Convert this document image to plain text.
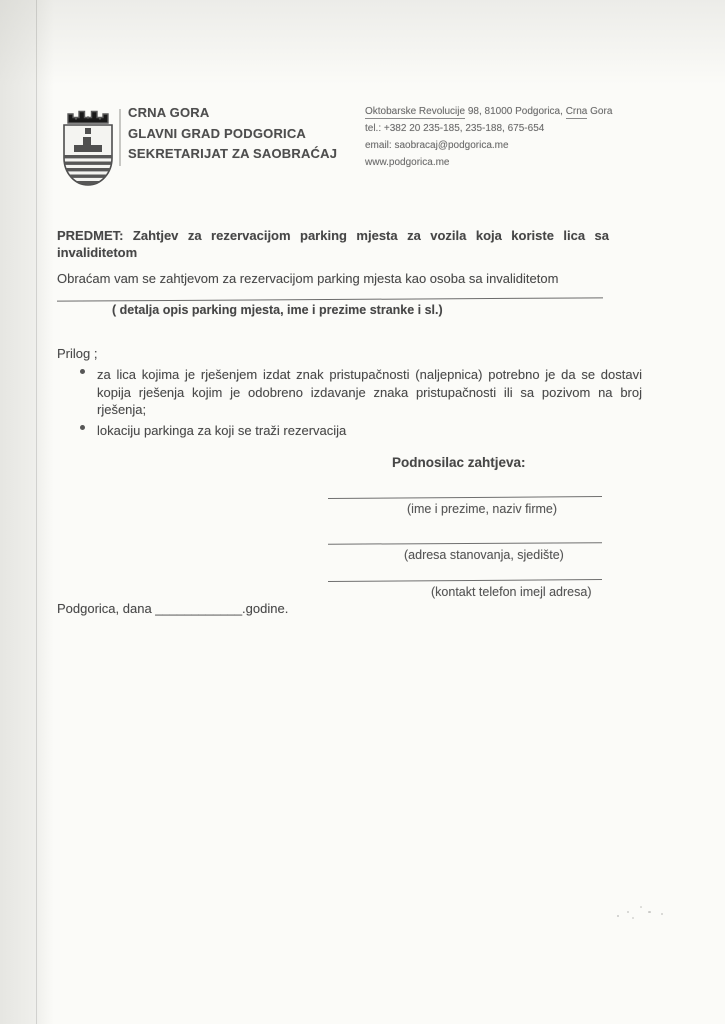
CRNA GORA
GLAVNI GRAD PODGORICA
SEKRETARIJAT ZA SAOBRAĆAJ
Oktobarske Revolucije 98, 81000 Podgorica, Crna Gora
tel.: +382 20 235-185, 235-188, 675-654
email: saobracaj@podgorica.me
www.podgorica.me
PREDMET: Zahtjev za rezervacijom parking mjesta za vozila koja koriste lica sa
invaliditetom
Obraćam vam se zahtjevom za rezervacijom parking mjesta kao osoba sa invaliditetom
( detalja opis parking mjesta, ime i prezime stranke i sl.)
Prilog ;
za lica kojima je rješenjem izdat znak pristupačnosti (naljepnica) potrebno je da se dostavi kopija rješenja kojim je odobreno izdavanje znaka pristupačnosti ili sa pozivom na broj rješenja;
lokaciju parkinga za koji se traži rezervacija
Podnosilac zahtjeva:
(ime i prezime, naziv firme)
(adresa stanovanja, sjedište)
(kontakt telefon imejl adresa)
Podgorica, dana ____________.godine.
